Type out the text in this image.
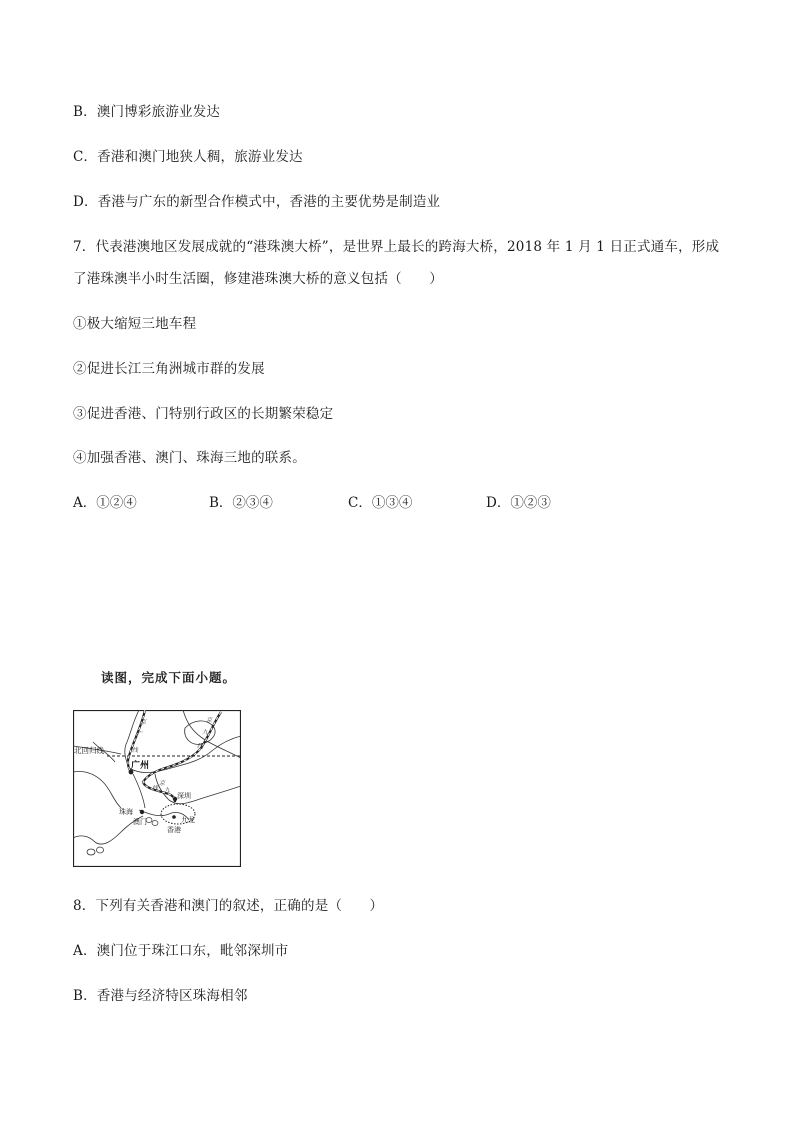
B．澳门博彩旅游业发达
C．香港和澳门地狭人稠，旅游业发达
D．香港与广东的新型合作模式中，香港的主要优势是制造业
7．代表港澳地区发展成就的“港珠澳大桥”，是世界上最长的跨海大桥，2018 年 1 月 1 日正式通车，形成
了港珠澳半小时生活圈，修建港珠澳大桥的意义包括（　　）
①极大缩短三地车程
②促进长江三角洲城市群的发展
③促进香港、门特别行政区的长期繁荣稳定
④加强香港、澳门、珠海三地的联系。
A．①②④	B．②③④	C．①③④	D．①②③
读图，完成下面小题。
京
广
线
京
九
线
京
九
线
北回归线
广州
深圳
珠海
澳门	九龙
香港
8．下列有关香港和澳门的叙述，正确的是（　　）
A．澳门位于珠江口东，毗邻深圳市
B．香港与经济特区珠海相邻
